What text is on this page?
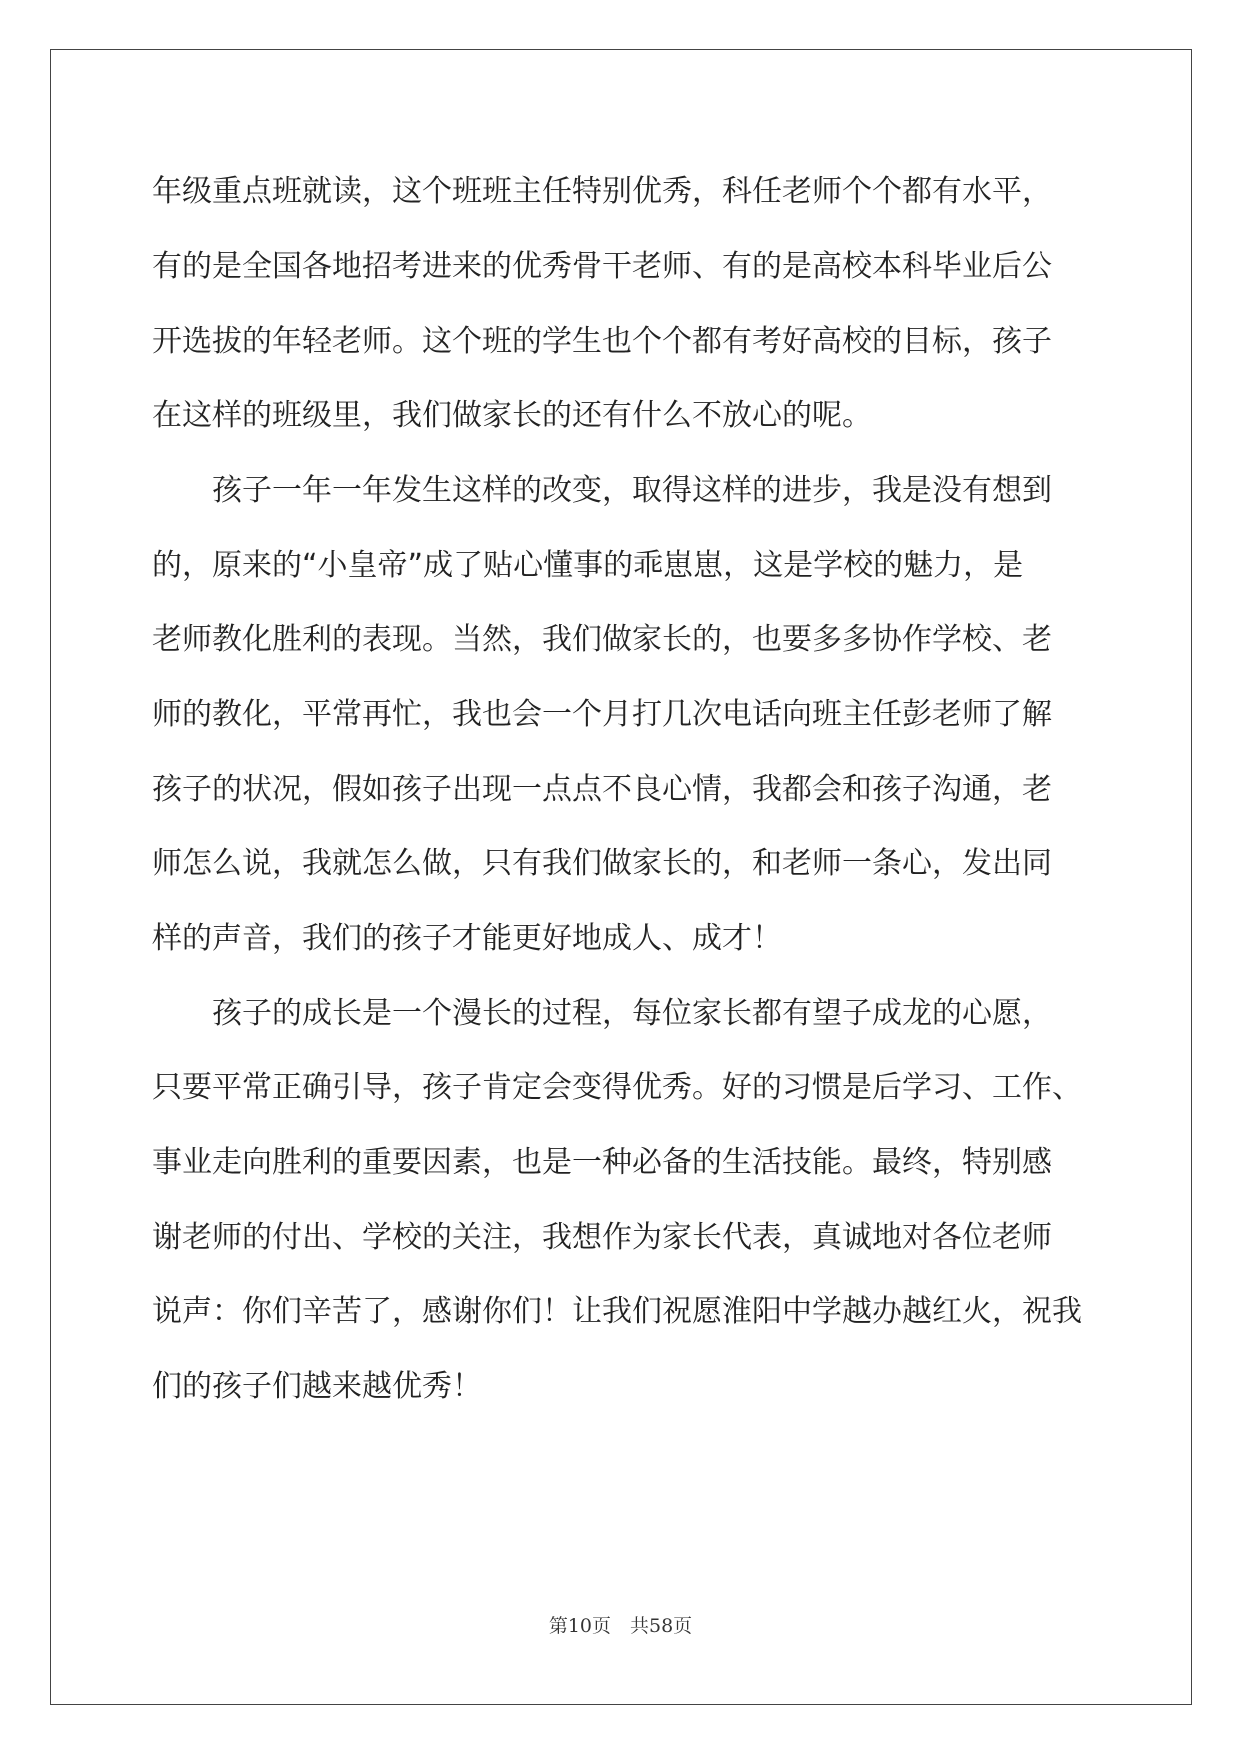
年级重点班就读，这个班班主任特别优秀，科任老师个个都有水平，
有的是全国各地招考进来的优秀骨干老师、有的是高校本科毕业后公
开选拔的年轻老师。这个班的学生也个个都有考好高校的目标，孩子
在这样的班级里，我们做家长的还有什么不放心的呢。
孩子一年一年发生这样的改变，取得这样的进步，我是没有想到
的，原来的“小皇帝”成了贴心懂事的乖崽崽，这是学校的魅力，是
老师教化胜利的表现。当然，我们做家长的，也要多多协作学校、老
师的教化，平常再忙，我也会一个月打几次电话向班主任彭老师了解
孩子的状况，假如孩子出现一点点不良心情，我都会和孩子沟通，老
师怎么说，我就怎么做，只有我们做家长的，和老师一条心，发出同
样的声音，我们的孩子才能更好地成人、成才！
孩子的成长是一个漫长的过程，每位家长都有望子成龙的心愿，
只要平常正确引导，孩子肯定会变得优秀。好的习惯是后学习、工作、
事业走向胜利的重要因素，也是一种必备的生活技能。最终，特别感
谢老师的付出、学校的关注，我想作为家长代表，真诚地对各位老师
说声：你们辛苦了，感谢你们！让我们祝愿淮阳中学越办越红火，祝我
们的孩子们越来越优秀！
第10页　共58页
